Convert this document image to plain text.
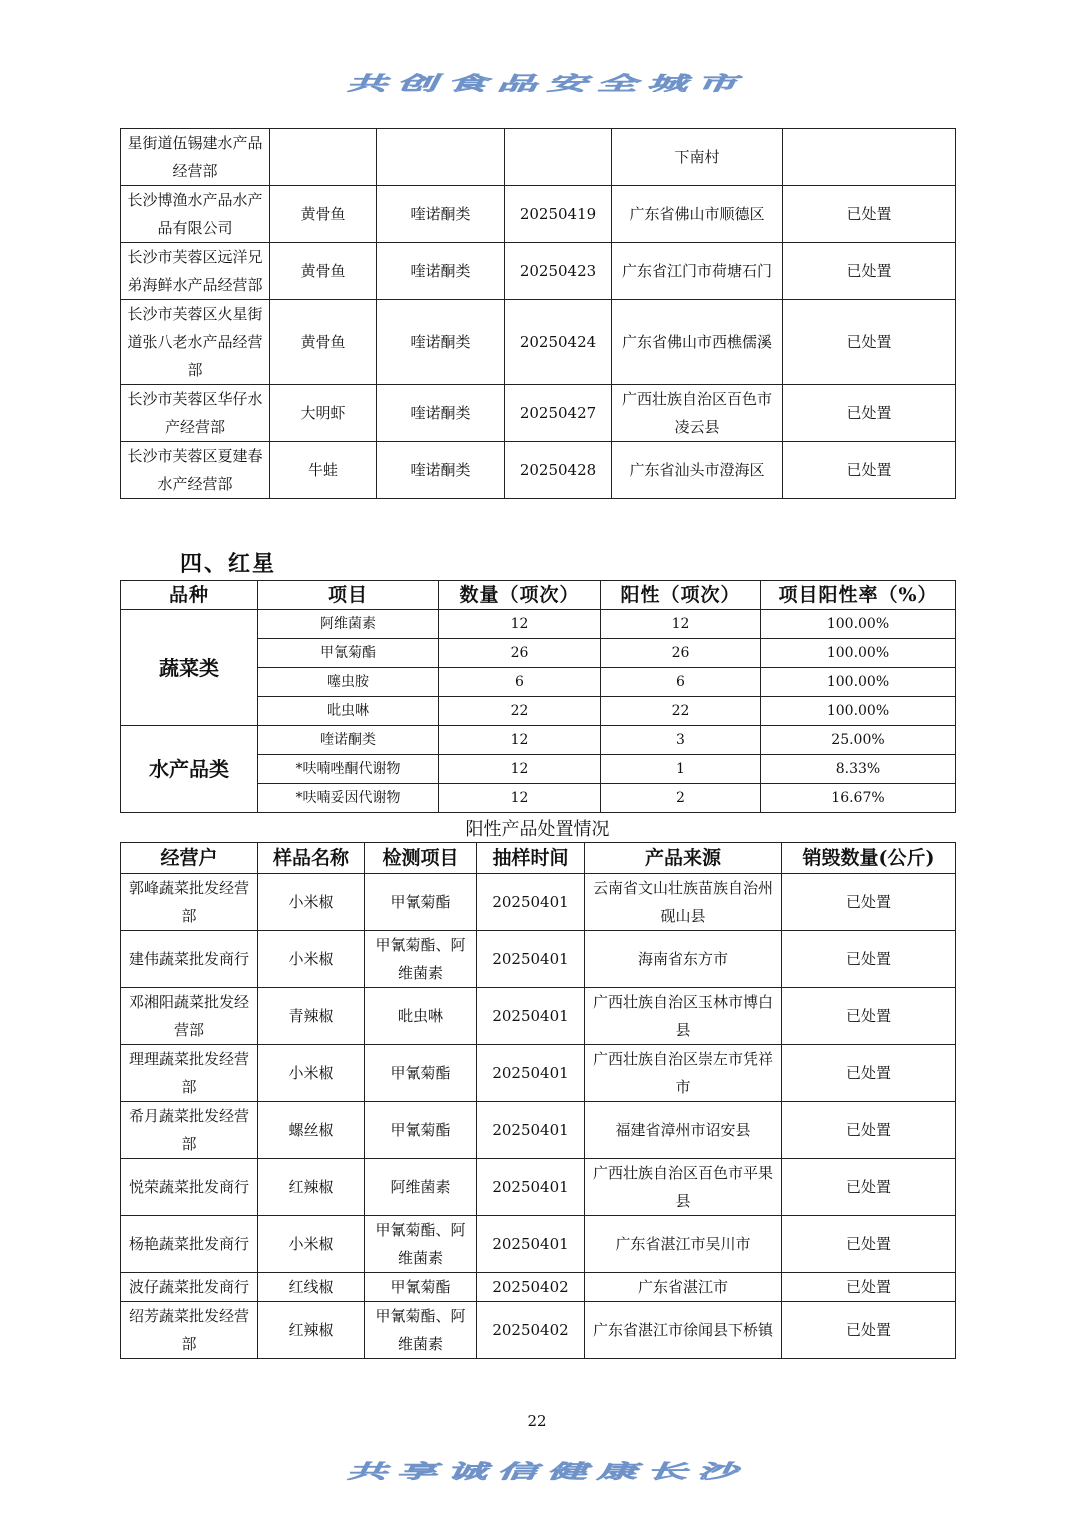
共创食品安全城市
星街道伍锡建水产品经营部				下南村	
长沙博渔水产品水产品有限公司	黄骨鱼	喹诺酮类	20250419	广东省佛山市顺德区	已处置
长沙市芙蓉区远洋兄弟海鲜水产品经营部	黄骨鱼	喹诺酮类	20250423	广东省江门市荷塘石门	已处置
长沙市芙蓉区火星街道张八老水产品经营部	黄骨鱼	喹诺酮类	20250424	广东省佛山市西樵儒溪	已处置
长沙市芙蓉区华仔水产经营部	大明虾	喹诺酮类	20250427	广西壮族自治区百色市凌云县	已处置
长沙市芙蓉区夏建春水产经营部	牛蛙	喹诺酮类	20250428	广东省汕头市澄海区	已处置
四、红星
品种	项目	数量（项次）	阳性（项次）	项目阳性率（%）
蔬菜类	阿维菌素	12	12	100.00%
	甲氰菊酯	26	26	100.00%
	噻虫胺	6	6	100.00%
	吡虫啉	22	22	100.00%
水产品类	喹诺酮类	12	3	25.00%
	*呋喃唑酮代谢物	12	1	8.33%
	*呋喃妥因代谢物	12	2	16.67%
阳性产品处置情况
经营户	样品名称	检测项目	抽样时间	产品来源	销毁数量(公斤)
郭峰蔬菜批发经营部	小米椒	甲氰菊酯	20250401	云南省文山壮族苗族自治州砚山县	已处置
建伟蔬菜批发商行	小米椒	甲氰菊酯、阿维菌素	20250401	海南省东方市	已处置
邓湘阳蔬菜批发经营部	青辣椒	吡虫啉	20250401	广西壮族自治区玉林市博白县	已处置
理理蔬菜批发经营部	小米椒	甲氰菊酯	20250401	广西壮族自治区崇左市凭祥市	已处置
希月蔬菜批发经营部	螺丝椒	甲氰菊酯	20250401	福建省漳州市诏安县	已处置
悦荣蔬菜批发商行	红辣椒	阿维菌素	20250401	广西壮族自治区百色市平果县	已处置
杨艳蔬菜批发商行	小米椒	甲氰菊酯、阿维菌素	20250401	广东省湛江市吴川市	已处置
波仔蔬菜批发商行	红线椒	甲氰菊酯	20250402	广东省湛江市	已处置
绍芳蔬菜批发经营部	红辣椒	甲氰菊酯、阿维菌素	20250402	广东省湛江市徐闻县下桥镇	已处置
22
共享诚信健康长沙
